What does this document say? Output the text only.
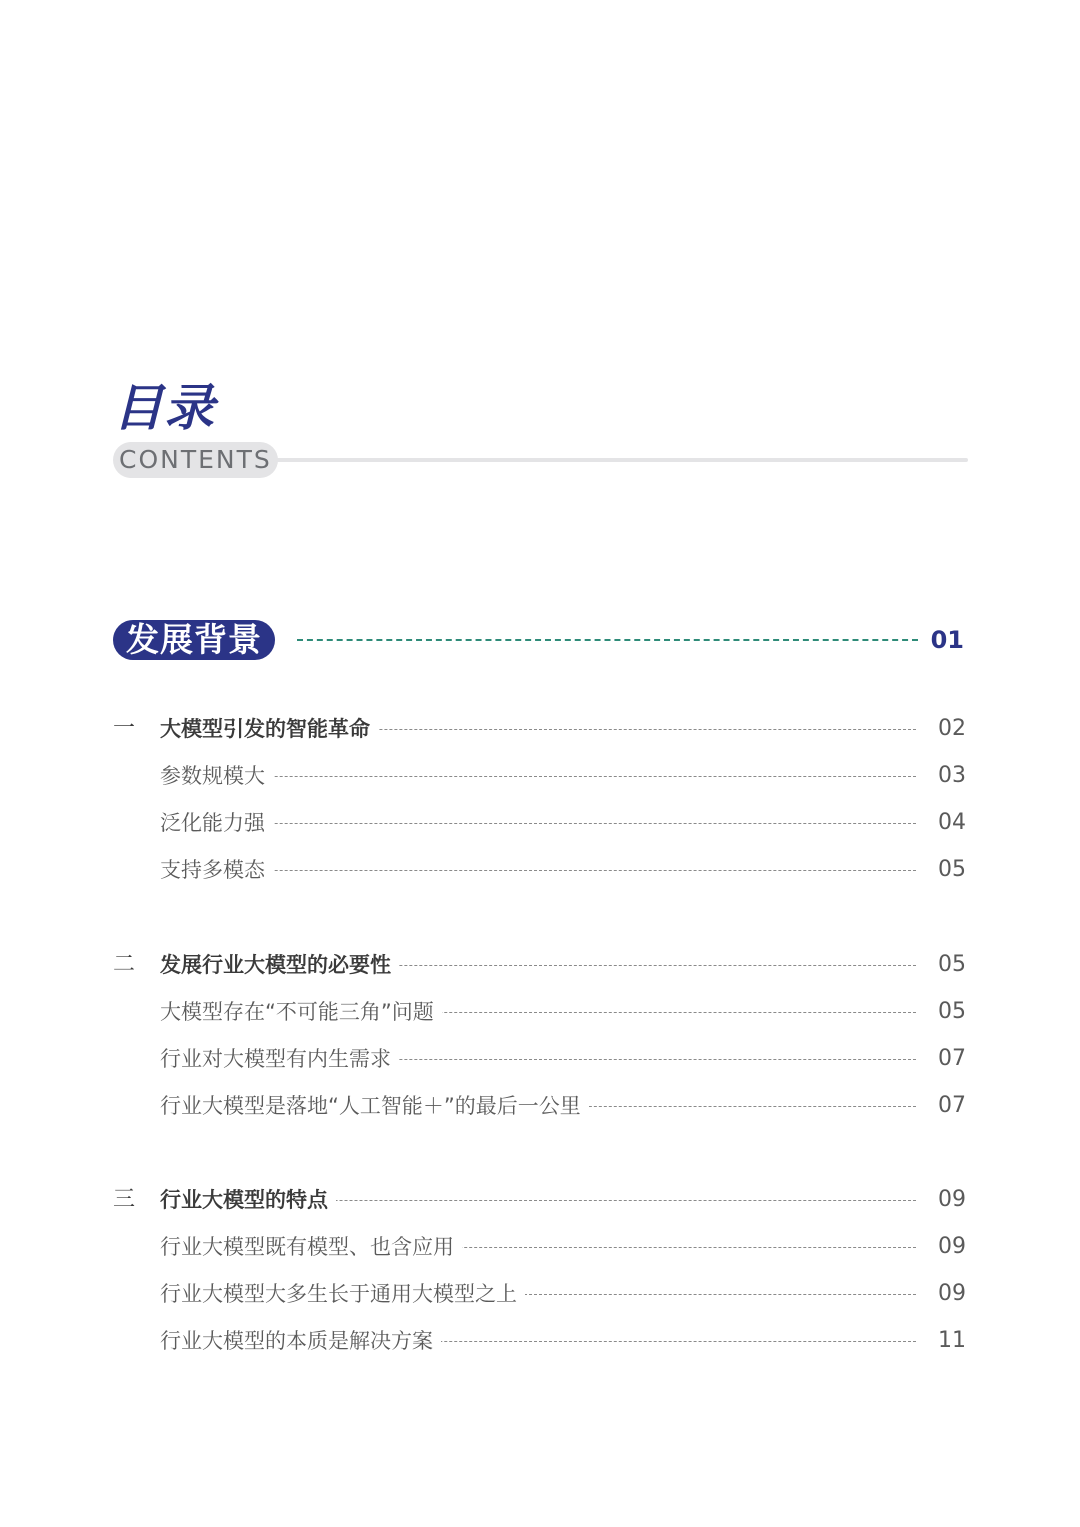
目录
CONTENTS
发展背景	01
一 大模型引发的智能革命	02
参数规模大	03
泛化能力强	04
支持多模态	05
二 发展行业大模型的必要性	05
大模型存在“不可能三角”问题	05
行业对大模型有内生需求	07
行业大模型是落地“人工智能＋”的最后一公里	07
三 行业大模型的特点	09
行业大模型既有模型、也含应用	09
行业大模型大多生长于通用大模型之上	09
行业大模型的本质是解决方案	11
